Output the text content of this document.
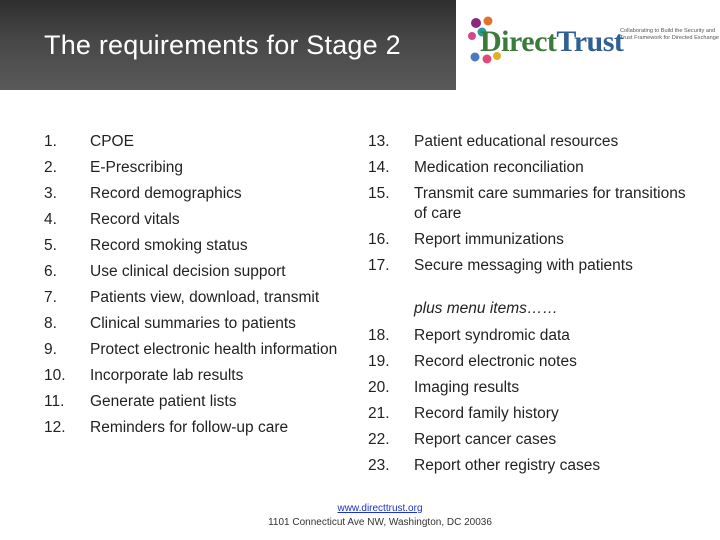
The requirements for Stage 2	DirectTrust
Collaborating to Build the Security and Trust Framework for Directed Exchange
1. CPOE
2. E-Prescribing
3. Record demographics
4. Record vitals
5. Record smoking status
6. Use clinical decision support
7. Patients view, download, transmit
8. Clinical summaries to patients
9. Protect electronic health information
10. Incorporate lab results
11. Generate patient lists
12. Reminders for follow-up care
13. Patient educational resources
14. Medication reconciliation
15. Transmit care summaries for transitions of care
16. Report immunizations
17. Secure messaging with patients
plus menu items……
18. Report syndromic data
19. Record electronic notes
20. Imaging results
21. Record family history
22. Report cancer cases
23. Report other registry cases
www.directtrust.org
1101 Connecticut Ave NW, Washington, DC 20036
